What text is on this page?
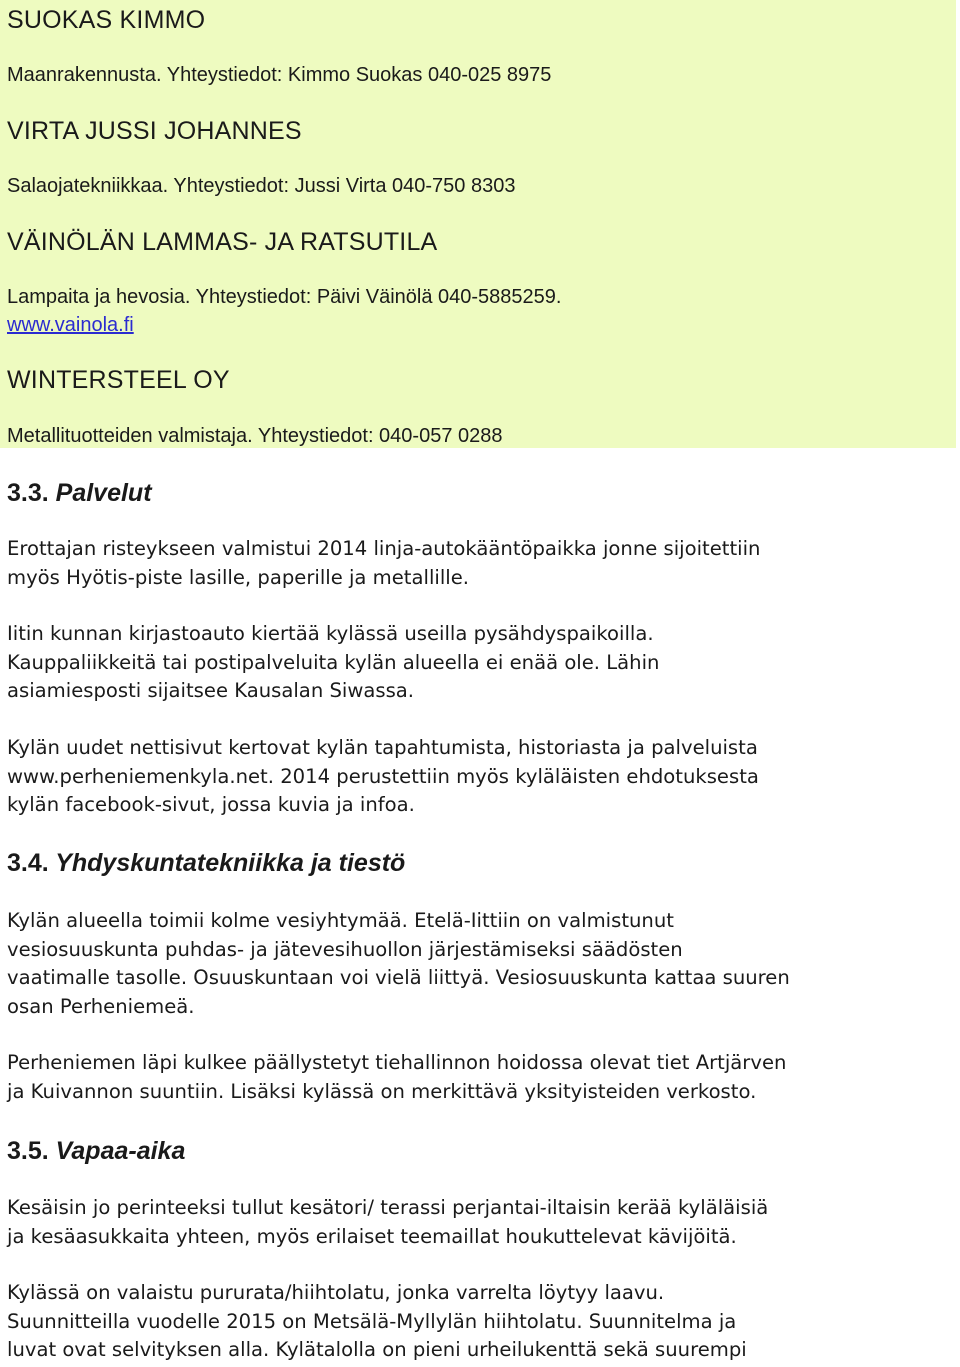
SUOKAS KIMMO

Maanrakennusta. Yhteystiedot: Kimmo Suokas 040-025 8975

VIRTA JUSSI JOHANNES

Salaojatekniikkaa. Yhteystiedot: Jussi Virta 040-750 8303

VÄINÖLÄN LAMMAS- JA RATSUTILA

Lampaita ja hevosia. Yhteystiedot: Päivi Väinölä 040-5885259.

www.vainola.fi

WINTERSTEEL OY

Metallituotteiden valmistaja. Yhteystiedot: 040-057 0288

3.3. Palvelut
Erottajan risteykseen valmistui 2014 linja-autokääntöpaikka jonne sijoitettiin
myös Hyötis-piste lasille, paperille ja metallille.
Iitin kunnan kirjastoauto kiertää kylässä useilla pysähdyspaikoilla.
Kauppaliikkeitä tai postipalveluita kylän alueella ei enää ole. Lähin
asiamiesposti sijaitsee Kausalan Siwassa.
Kylän uudet nettisivut kertovat kylän tapahtumista, historiasta ja palveluista
www.perheniemenkyla.net. 2014 perustettiin myös kyläläisten ehdotuksesta
kylän facebook-sivut, jossa kuvia ja infoa.
3.4. Yhdyskuntatekniikka ja tiestö
Kylän alueella toimii kolme vesiyhtymää. Etelä-Iittiin on valmistunut
vesiosuuskunta puhdas- ja jätevesihuollon järjestämiseksi säädösten
vaatimalle tasolle. Osuuskuntaan voi vielä liittyä. Vesiosuuskunta kattaa suuren
osan Perheniemeä.
Perheniemen läpi kulkee päällystetyt tiehallinnon hoidossa olevat tiet Artjärven
ja Kuivannon suuntiin. Lisäksi kylässä on merkittävä yksityisteiden verkosto.
3.5. Vapaa-aika
Kesäisin jo perinteeksi tullut kesätori/ terassi perjantai-iltaisin kerää kyläläisiä
ja kesäasukkaita yhteen, myös erilaiset teemaillat houkuttelevat kävijöitä.
Kylässä on valaistu pururata/hiihtolatu, jonka varrelta löytyy laavu.
Suunnitteilla vuodelle 2015 on Metsälä-Myllylän hiihtolatu. Suunnitelma ja
luvat ovat selvityksen alla. Kylätalolla on pieni urheilukenttä sekä suurempi
